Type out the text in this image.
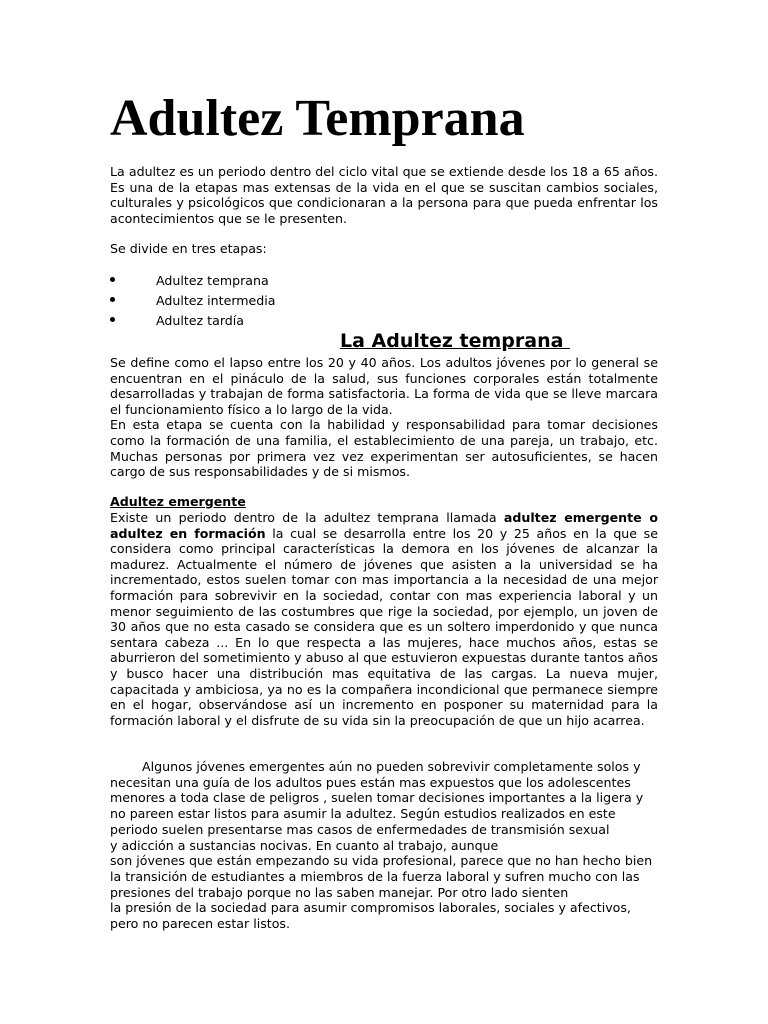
Adultez Temprana

La adultez es un periodo dentro del ciclo vital que se extiende desde los 18 a 65 años. Es una de la etapas mas extensas de la vida en el que se suscitan cambios sociales, culturales y psicológicos que condicionaran a la persona para que pueda enfrentar los acontecimientos que se le presenten.

Se divide en tres etapas:

Adultez temprana
Adultez intermedia
Adultez tardía
La Adultez temprana

Se define como el lapso entre los 20 y 40 años. Los adultos jóvenes por lo general se encuentran en el pináculo de la salud, sus funciones corporales están totalmente desarrolladas y trabajan de forma satisfactoria. La forma de vida que se lleve marcara el funcionamiento físico a lo largo de la vida.

En esta etapa se cuenta con la habilidad y responsabilidad para tomar decisiones como la formación de una familia, el establecimiento de una pareja, un trabajo, etc. Muchas personas por primera vez vez experimentan ser autosuficientes, se hacen cargo de sus responsabilidades y de si mismos.

Adultez emergente

Existe un periodo dentro de la adultez temprana llamada adultez emergente o adultez en formación la cual se desarrolla entre los 20 y 25 años en la que se considera como principal características la demora en los jóvenes de alcanzar la madurez. Actualmente el número de jóvenes que asisten a la universidad se ha incrementado, estos suelen tomar con mas importancia a la necesidad de una mejor formación para sobrevivir en la sociedad, contar con mas experiencia laboral y un menor seguimiento de las costumbres que rige la sociedad, por ejemplo, un joven de 30 años que no esta casado se considera que es un soltero imperdonido y que nunca sentara cabeza ... En lo que respecta a las mujeres, hace muchos años, estas se aburrieron del sometimiento y abuso al que estuvieron expuestas durante tantos años y busco hacer una distribución mas equitativa de las cargas. La nueva mujer, capacitada y ambiciosa, ya no es la compañera incondicional que permanece siempre en el hogar, observándose así un incremento en posponer su maternidad para la formación laboral y el disfrute de su vida sin la preocupación de que un hijo acarrea.

Algunos jóvenes emergentes aún no pueden sobrevivir completamente solos y

necesitan una guía de los adultos pues están mas expuestos que los adolescentes

menores a toda clase de peligros , suelen tomar decisiones importantes a la ligera y

no pareen estar listos para asumir la adultez. Según estudios realizados en este

periodo suelen presentarse mas casos de enfermedades de transmisión sexual

y adicción a sustancias nocivas. En cuanto al trabajo, aunque

son jóvenes que están empezando su vida profesional, parece que no han hecho bien

la transición de estudiantes a miembros de la fuerza laboral y sufren mucho con las

presiones del trabajo porque no las saben manejar. Por otro lado sienten

la presión de la sociedad para asumir compromisos laborales, sociales y afectivos,

pero no parecen estar listos.
